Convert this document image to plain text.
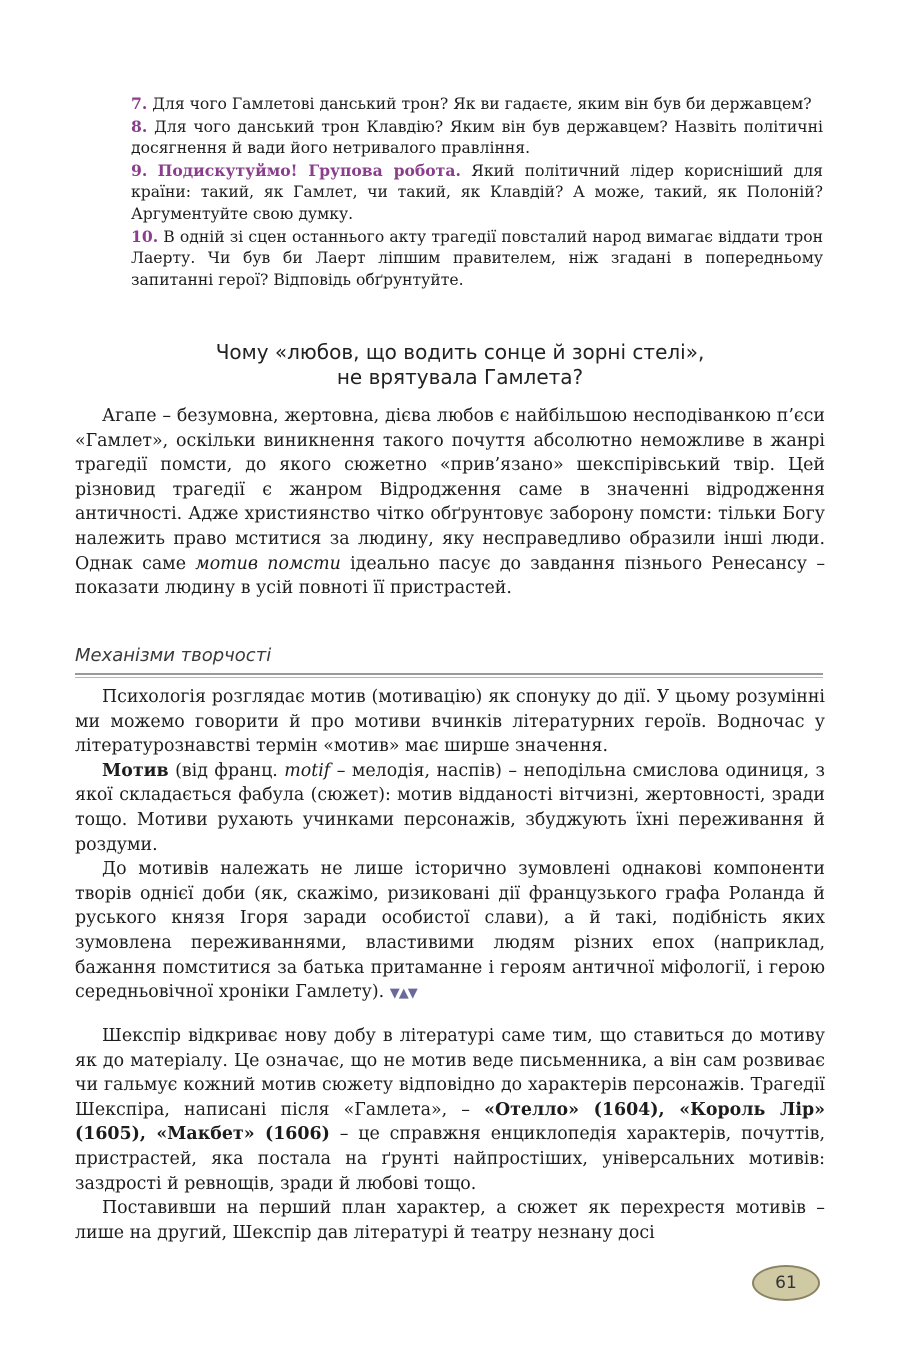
7. Для чого Гамлетові данський трон? Як ви гадаєте, яким він був би державцем?

8. Для чого данський трон Клавдію? Яким він був державцем? Назвіть політичні досягнення й вади його нетривалого правління.

9. Подискутуймо! Групова робота. Який політичний лідер корисніший для країни: такий, як Гамлет, чи такий, як Клавдій? А може, такий, як Полоній? Аргументуйте свою думку.

10. В одній зі сцен останнього акту трагедії повсталий народ вимагає віддати трон Лаерту. Чи був би Лаерт ліпшим правителем, ніж згадані в попередньому запитанні герої? Відповідь обґрунтуйте.

Чому «любов, що водить сонце й зорні стелі»,
не врятувала Гамлета?

Агапе – безумовна, жертовна, дієва любов є найбільшою несподіванкою п’єси «Гамлет», оскільки виникнення такого почуття абсолютно неможливе в жанрі трагедії помсти, до якого сюжетно «прив’язано» шекспірівський твір. Цей різновид трагедії є жанром Відродження саме в значенні відродження античності. Адже християнство чітко обґрунтовує заборону помсти: тільки Богу належить право мститися за людину, яку несправедливо образили інші люди. Однак саме мотив помсти ідеально пасує до завдання пізнього Ренесансу – показати людину в усій повноті її пристрастей.

Механізми творчості

Психологія розглядає мотив (мотивацію) як спонуку до дії. У цьому розумінні ми можемо говорити й про мотиви вчинків літературних героїв. Водночас у літературознавстві термін «мотив» має ширше значення.

Мотив (від франц. motif – мелодія, наспів) – неподільна смислова одиниця, з якої складається фабула (сюжет): мотив відданості вітчизні, жертовності, зради тощо. Мотиви рухають учинками персонажів, збуджують їхні переживання й роздуми.

До мотивів належать не лише історично зумовлені однакові компоненти творів однієї доби (як, скажімо, ризиковані дії французького графа Роланда й руського князя Ігоря заради особистої слави), а й такі, подібність яких зумовлена переживаннями, властивими людям різних епох (наприклад, бажання помститися за батька притаманне і героям античної міфології, і герою середньовічної хроніки Гамлету). ▼▲▼

Шекспір відкриває нову добу в літературі саме тим, що ставиться до мотиву як до матеріалу. Це означає, що не мотив веде письменника, а він сам розвиває чи гальмує кожний мотив сюжету відповідно до характерів персонажів. Трагедії Шекспіра, написані після «Гамлета», – «Отелло» (1604), «Король Лір» (1605), «Макбет» (1606) – це справжня енциклопедія характерів, почуттів, пристрастей, яка постала на ґрунті найпростіших, універсальних мотивів: заздрості й ревнощів, зради й любові тощо.

Поставивши на перший план характер, а сюжет як перехрестя мотивів – лише на другий, Шекспір дав літературі й театру незнану досі

61
